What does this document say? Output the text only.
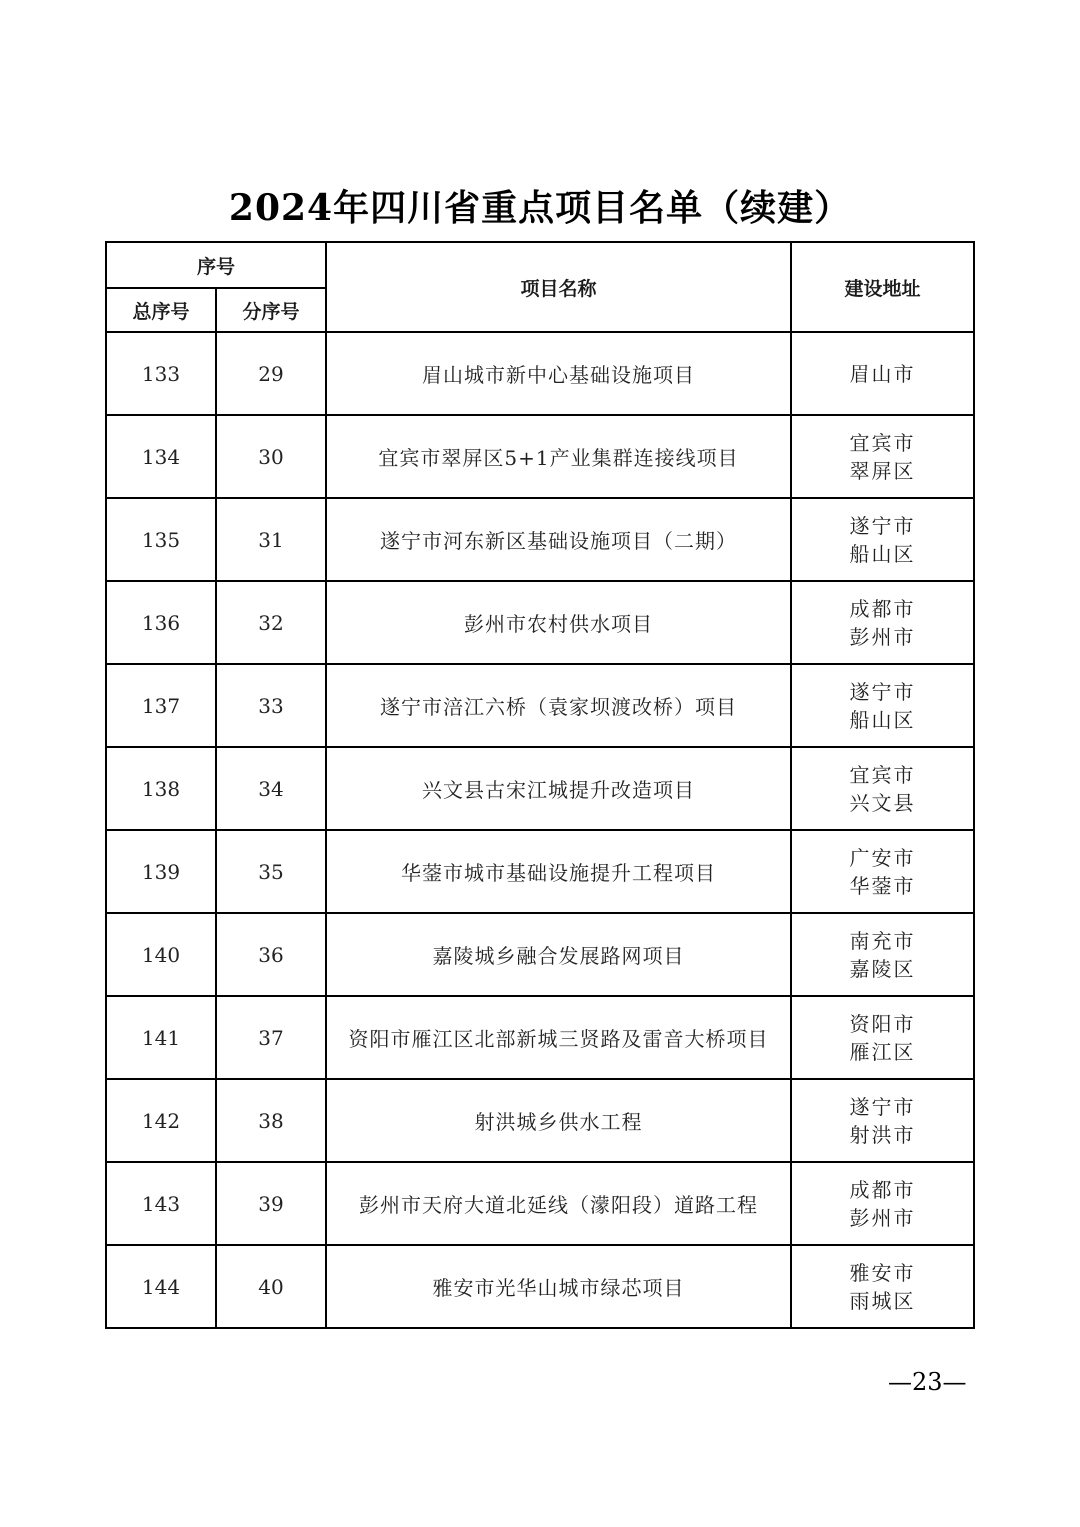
2024年四川省重点项目名单（续建）
序号		项目名称	建设地址
总序号	分序号		
133	29	眉山城市新中心基础设施项目	眉山市

134	30	宜宾市翠屏区5+1产业集群连接线项目	宜宾市
翠屏区

135	31	遂宁市河东新区基础设施项目（二期）	遂宁市
船山区

136	32	彭州市农村供水项目	成都市
彭州市

137	33	遂宁市涪江六桥（袁家坝渡改桥）项目	遂宁市
船山区

138	34	兴文县古宋江城提升改造项目	宜宾市
兴文县

139	35	华蓥市城市基础设施提升工程项目	广安市
华蓥市

140	36	嘉陵城乡融合发展路网项目	南充市
嘉陵区

141	37	资阳市雁江区北部新城三贤路及雷音大桥项目	资阳市
雁江区

142	38	射洪城乡供水工程	遂宁市
射洪市

143	39	彭州市天府大道北延线（濛阳段）道路工程	成都市
彭州市

144	40	雅安市光华山城市绿芯项目	雅安市
雨城区
—23—
